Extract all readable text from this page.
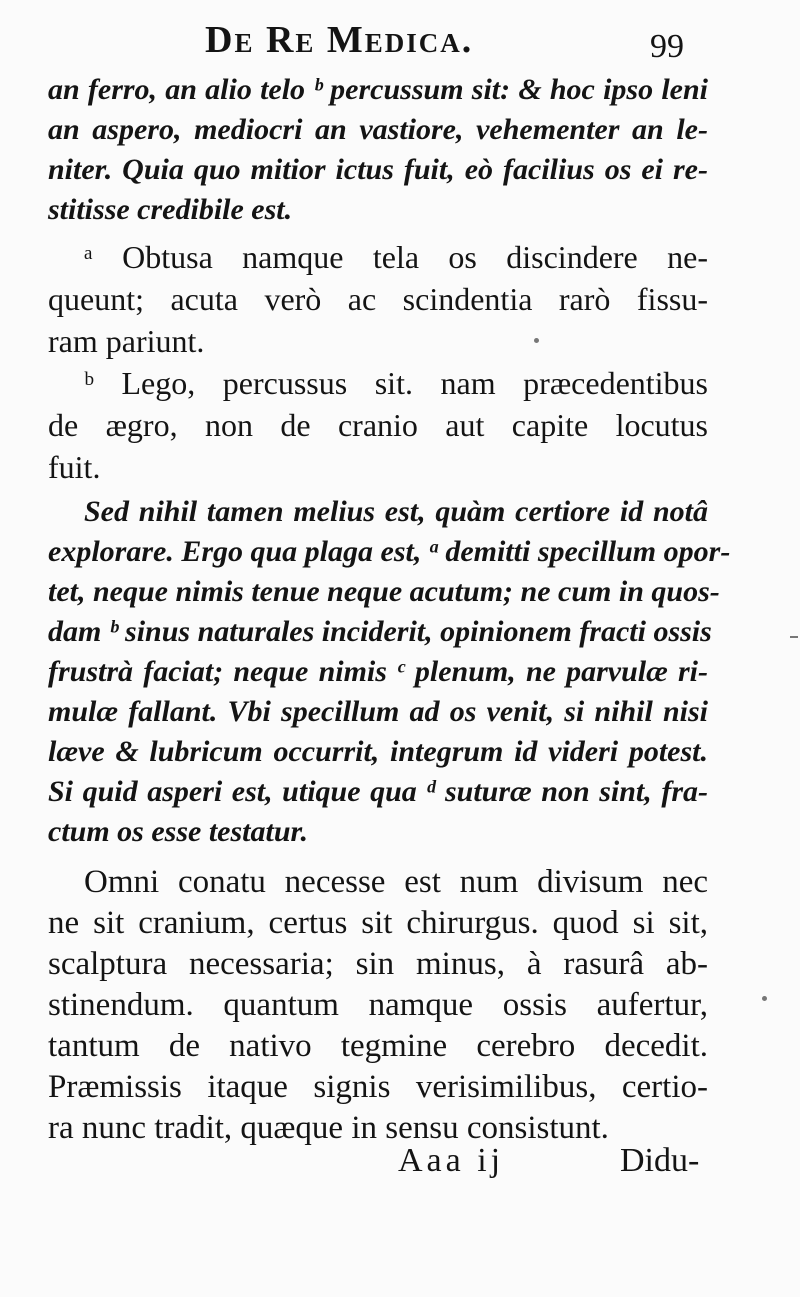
De Re Medica.	99

an ferro, an alio telo ᵇ percussum sit: & hoc ipso leni
an aspero, mediocri an vastiore, vehementer an le-
niter. Quia quo mitior ictus fuit, eò facilius os ei re-
stitisse credibile est.

ᵃ Obtusa namque tela os discindere ne-
queunt; acuta verò ac scindentia rarò fissu-
ram pariunt.

ᵇ Lego, percussus sit. nam præcedentibus
de ægro, non de cranio aut capite locutus
fuit.

Sed nihil tamen melius est, quàm certiore id notâ
explorare. Ergo qua plaga est, ᵃ demitti specillum opor-
tet, neque nimis tenue neque acutum; ne cum in quos-
dam ᵇ sinus naturales inciderit, opinionem fracti ossis
frustrà faciat; neque nimis ᶜ plenum, ne parvulæ ri-
mulæ fallant. Vbi specillum ad os venit, si nihil nisi
læve & lubricum occurrit, integrum id videri potest.
Si quid asperi est, utique qua ᵈ suturæ non sint, fra-
ctum os esse testatur.

Omni conatu necesse est num divisum nec
ne sit cranium, certus sit chirurgus. quod si sit,
scalptura necessaria; sin minus, à rasurâ ab-
stinendum. quantum namque ossis aufertur,
tantum de nativo tegmine cerebro decedit.
Præmissis itaque signis verisimilibus, certio-
ra nunc tradit, quæque in sensu consistunt.

Aaa ij	Didu-
